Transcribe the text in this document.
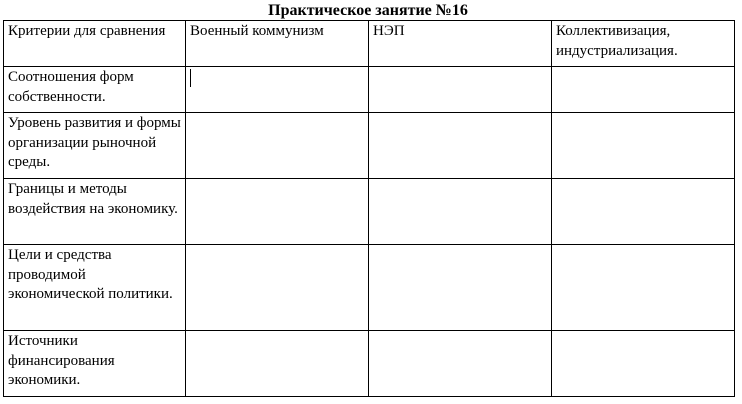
Практическое занятие №16
Критерии для сравнения	Военный коммунизм	НЭП	Коллективизация, индустриализация.
Соотношения форм собственности.			
Уровень развития и формы организации рыночной среды.			
Границы и методы воздействия на экономику.			
Цели и средства проводимой экономической политики.			
Источники финансирования экономики.			
